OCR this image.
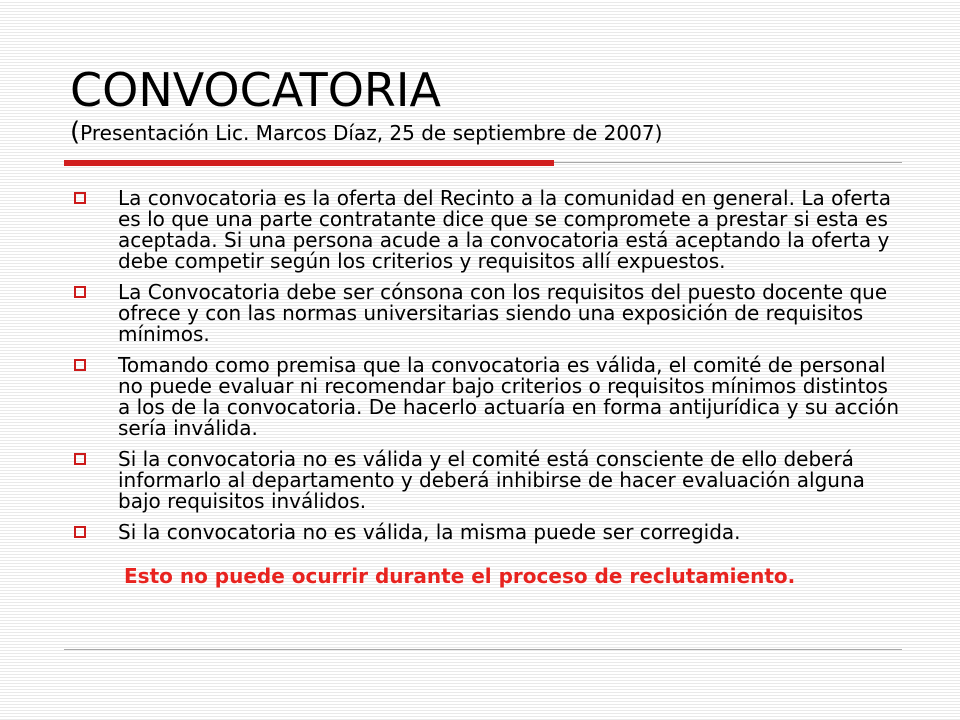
CONVOCATORIA

(Presentación Lic. Marcos Díaz, 25 de septiembre de 2007)

La convocatoria es la oferta del Recinto a la comunidad en general. La oferta es lo que una parte contratante dice que se compromete a prestar si esta es aceptada. Si una persona acude a la convocatoria está aceptando la oferta y debe competir según los criterios y requisitos allí expuestos.
La Convocatoria debe ser cónsona con los requisitos del puesto docente que ofrece y con las normas universitarias siendo una exposición de requisitos mínimos.
Tomando como premisa que la convocatoria es válida, el comité de personal no puede evaluar ni recomendar bajo criterios o requisitos mínimos distintos a los de la convocatoria. De hacerlo actuaría en forma antijurídica y su acción sería inválida.
Si la convocatoria no es válida y el comité está consciente de ello deberá informarlo al departamento y deberá inhibirse de hacer evaluación alguna bajo requisitos inválidos.
Si la convocatoria no es válida, la misma puede ser corregida.
Esto no puede ocurrir durante el proceso de reclutamiento.
